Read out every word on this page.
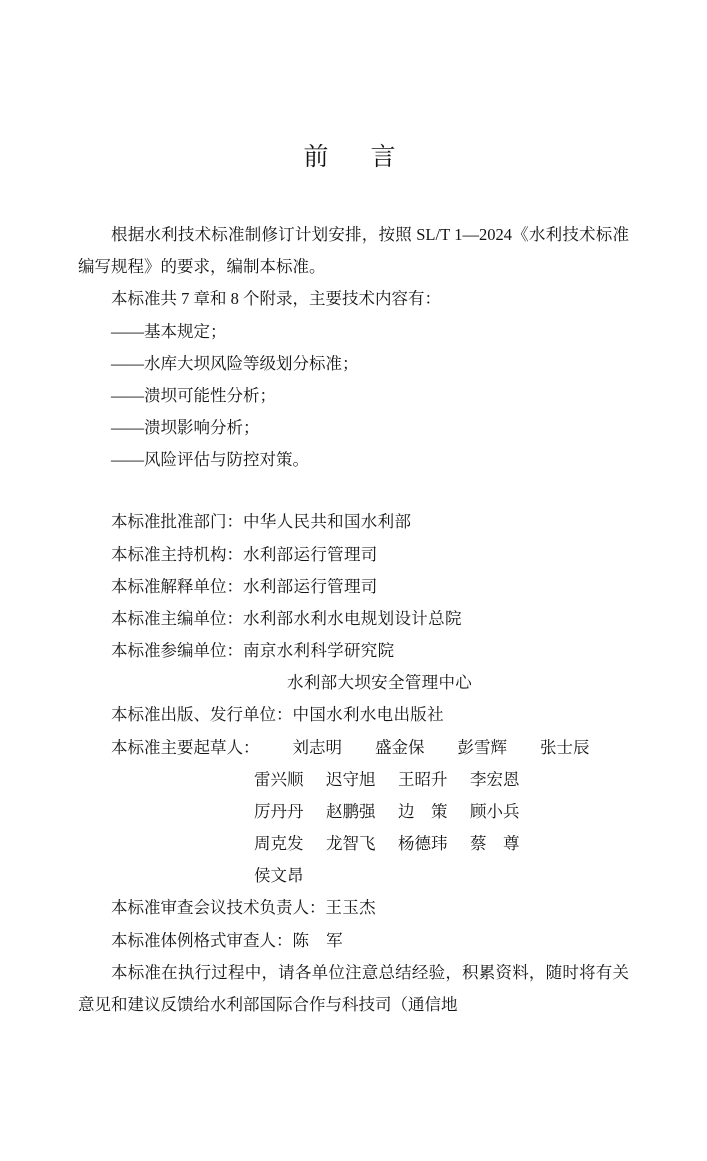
前 言

根据水利技术标准制修订计划安排，按照 SL/T 1—2024《水利技术标准编写规程》的要求，编制本标准。

本标准共 7 章和 8 个附录，主要技术内容有：

——基本规定；

——水库大坝风险等级划分标准；

——溃坝可能性分析；

——溃坝影响分析；

——风险评估与防控对策。

本标准批准部门：中华人民共和国水利部

本标准主持机构：水利部运行管理司

本标准解释单位：水利部运行管理司

本标准主编单位：水利部水利水电规划设计总院

本标准参编单位：南京水利科学研究院

水利部大坝安全管理中心

本标准出版、发行单位：中国水利水电出版社

本标准主要起草人： 刘志明 盛金保 彭雪辉 张士辰

雷兴顺 迟守旭 王昭升 李宏恩

厉丹丹 赵鹏强 边　策 顾小兵

周克发 龙智飞 杨德玮 蔡　尊

侯文昂

本标准审查会议技术负责人：王玉杰

本标准体例格式审查人：陈　军

本标准在执行过程中，请各单位注意总结经验，积累资料，随时将有关意见和建议反馈给水利部国际合作与科技司（通信地
